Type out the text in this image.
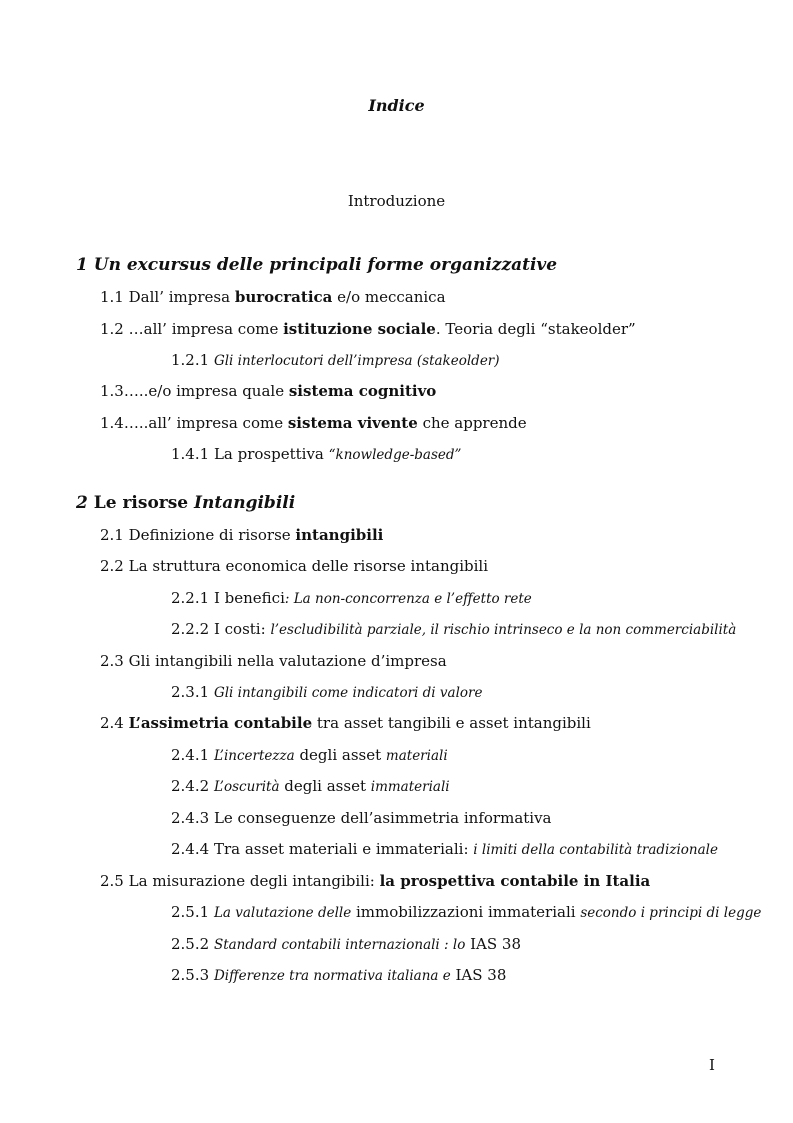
Indice
Introduzione
1 Un excursus delle principali forme organizzative
1.1 Dall’ impresa burocratica e/o meccanica
1.2 …all’ impresa come istituzione sociale. Teoria degli “stakeolder”
1.2.1 Gli interlocutori dell’impresa (stakeolder)
1.3…..e/o impresa quale sistema cognitivo
1.4…..all’ impresa come sistema vivente che apprende
1.4.1 La prospettiva “knowledge-based”
2 Le risorse Intangibili
2.1 Definizione di risorse intangibili
2.2 La struttura economica delle risorse intangibili
2.2.1 I benefici: La non-concorrenza e l’effetto rete
2.2.2 I costi: l’escludibilità parziale, il rischio intrinseco e la non commerciabilità
2.3 Gli intangibili nella valutazione d’impresa
2.3.1 Gli intangibili come indicatori di valore
2.4 L’assimetria contabile tra asset tangibili e asset intangibili
2.4.1 L’incertezza degli asset materiali
2.4.2 L’oscurità degli asset immateriali
2.4.3 Le conseguenze dell’asimmetria informativa
2.4.4 Tra asset materiali e immateriali: i limiti della contabilità tradizionale
2.5 La misurazione degli intangibili: la prospettiva contabile in Italia
2.5.1 La valutazione delle immobilizzazioni immateriali secondo i principi di legge
2.5.2 Standard contabili internazionali : lo IAS 38
2.5.3 Differenze tra normativa italiana e IAS 38
I
